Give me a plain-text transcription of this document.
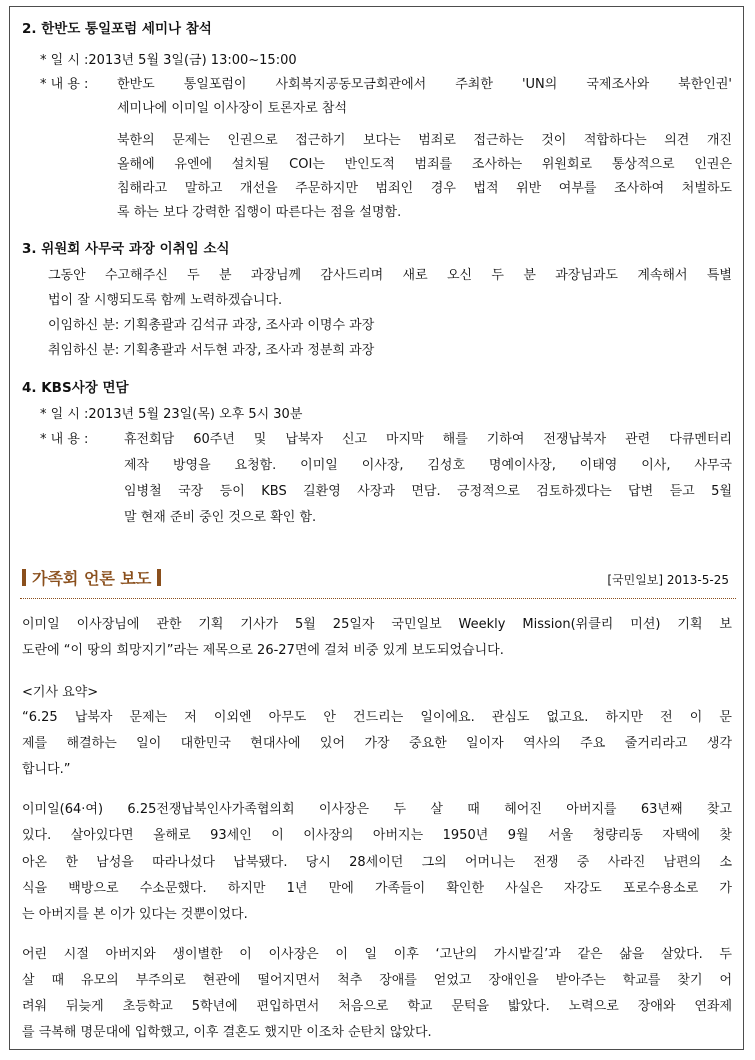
2. 한반도 통일포럼 세미나 참석
* 일 시 :2013년 5월 3일(금) 13:00~15:00
* 내 용 : 한반도 통일포럼이 사회복지공동모금회관에서 주최한 'UN의 국제조사와 북한인권'
세미나에 이미일 이사장이 토론자로 참석
북한의 문제는 인권으로 접근하기 보다는 범죄로 접근하는 것이 적합하다는 의견 개진
올해에 유엔에 설치될 COI는 반인도적 범죄를 조사하는 위원회로 통상적으로 인권은
침해라고 말하고 개선을 주문하지만 범죄인 경우 법적 위반 여부를 조사하여 처벌하도
록 하는 보다 강력한 집행이 따른다는 점을 설명함.
3. 위원회 사무국 과장 이취임 소식
그동안 수고해주신 두 분 과장님께 감사드리며 새로 오신 두 분 과장님과도 계속해서 특별
법이 잘 시행되도록 함께 노력하겠습니다.
이임하신 분: 기획총괄과 김석규 과장, 조사과 이명수 과장
취임하신 분: 기획총괄과 서두현 과장, 조사과 정분희 과장
4. KBS사장 면담
* 일 시 :2013년 5월 23일(목) 오후 5시 30분
* 내 용 :	휴전회담 60주년 및 납북자 신고 마지막 해를 기하여 전쟁납북자 관련 다큐멘터리
제작 방영을 요청함. 이미일 이사장, 김성호 명예이사장, 이태영 이사, 사무국
임병철 국장 등이 KBS 길환영 사장과 면담. 긍정적으로 검토하겠다는 답변 듣고 5월
말 현재 준비 중인 것으로 확인 함.
가족회 언론 보도	[국민일보] 2013-5-25
이미일 이사장님에 관한 기획 기사가 5월 25일자 국민일보 Weekly Mission(위클리 미션) 기획 보
도란에 “이 땅의 희망지기”라는 제목으로 26-27면에 걸쳐 비중 있게 보도되었습니다.
<기사 요약>
“6.25 납북자 문제는 저 이외엔 아무도 안 건드리는 일이에요. 관심도 없고요. 하지만 전 이 문
제를 해결하는 일이 대한민국 현대사에 있어 가장 중요한 일이자 역사의 주요 줄거리라고 생각
합니다.”
이미일(64·여) 6.25전쟁납북인사가족협의회 이사장은 두 살 때 헤어진 아버지를 63년째 찾고
있다. 살아있다면 올해로 93세인 이 이사장의 아버지는 1950년 9월 서울 청량리동 자택에 찾
아온 한 남성을 따라나섰다 납북됐다. 당시 28세이던 그의 어머니는 전쟁 중 사라진 남편의 소
식을 백방으로 수소문했다. 하지만 1년 만에 가족들이 확인한 사실은 자강도 포로수용소로 가
는 아버지를 본 이가 있다는 것뿐이었다.
어린 시절 아버지와 생이별한 이 이사장은 이 일 이후 ‘고난의 가시밭길’과 같은 삶을 살았다. 두
살 때 유모의 부주의로 현관에 떨어지면서 척추 장애를 얻었고 장애인을 받아주는 학교를 찾기 어
려워 뒤늦게 초등학교 5학년에 편입하면서 처음으로 학교 문턱을 밟았다. 노력으로 장애와 연좌제
를 극복해 명문대에 입학했고, 이후 결혼도 했지만 이조차 순탄치 않았다.
